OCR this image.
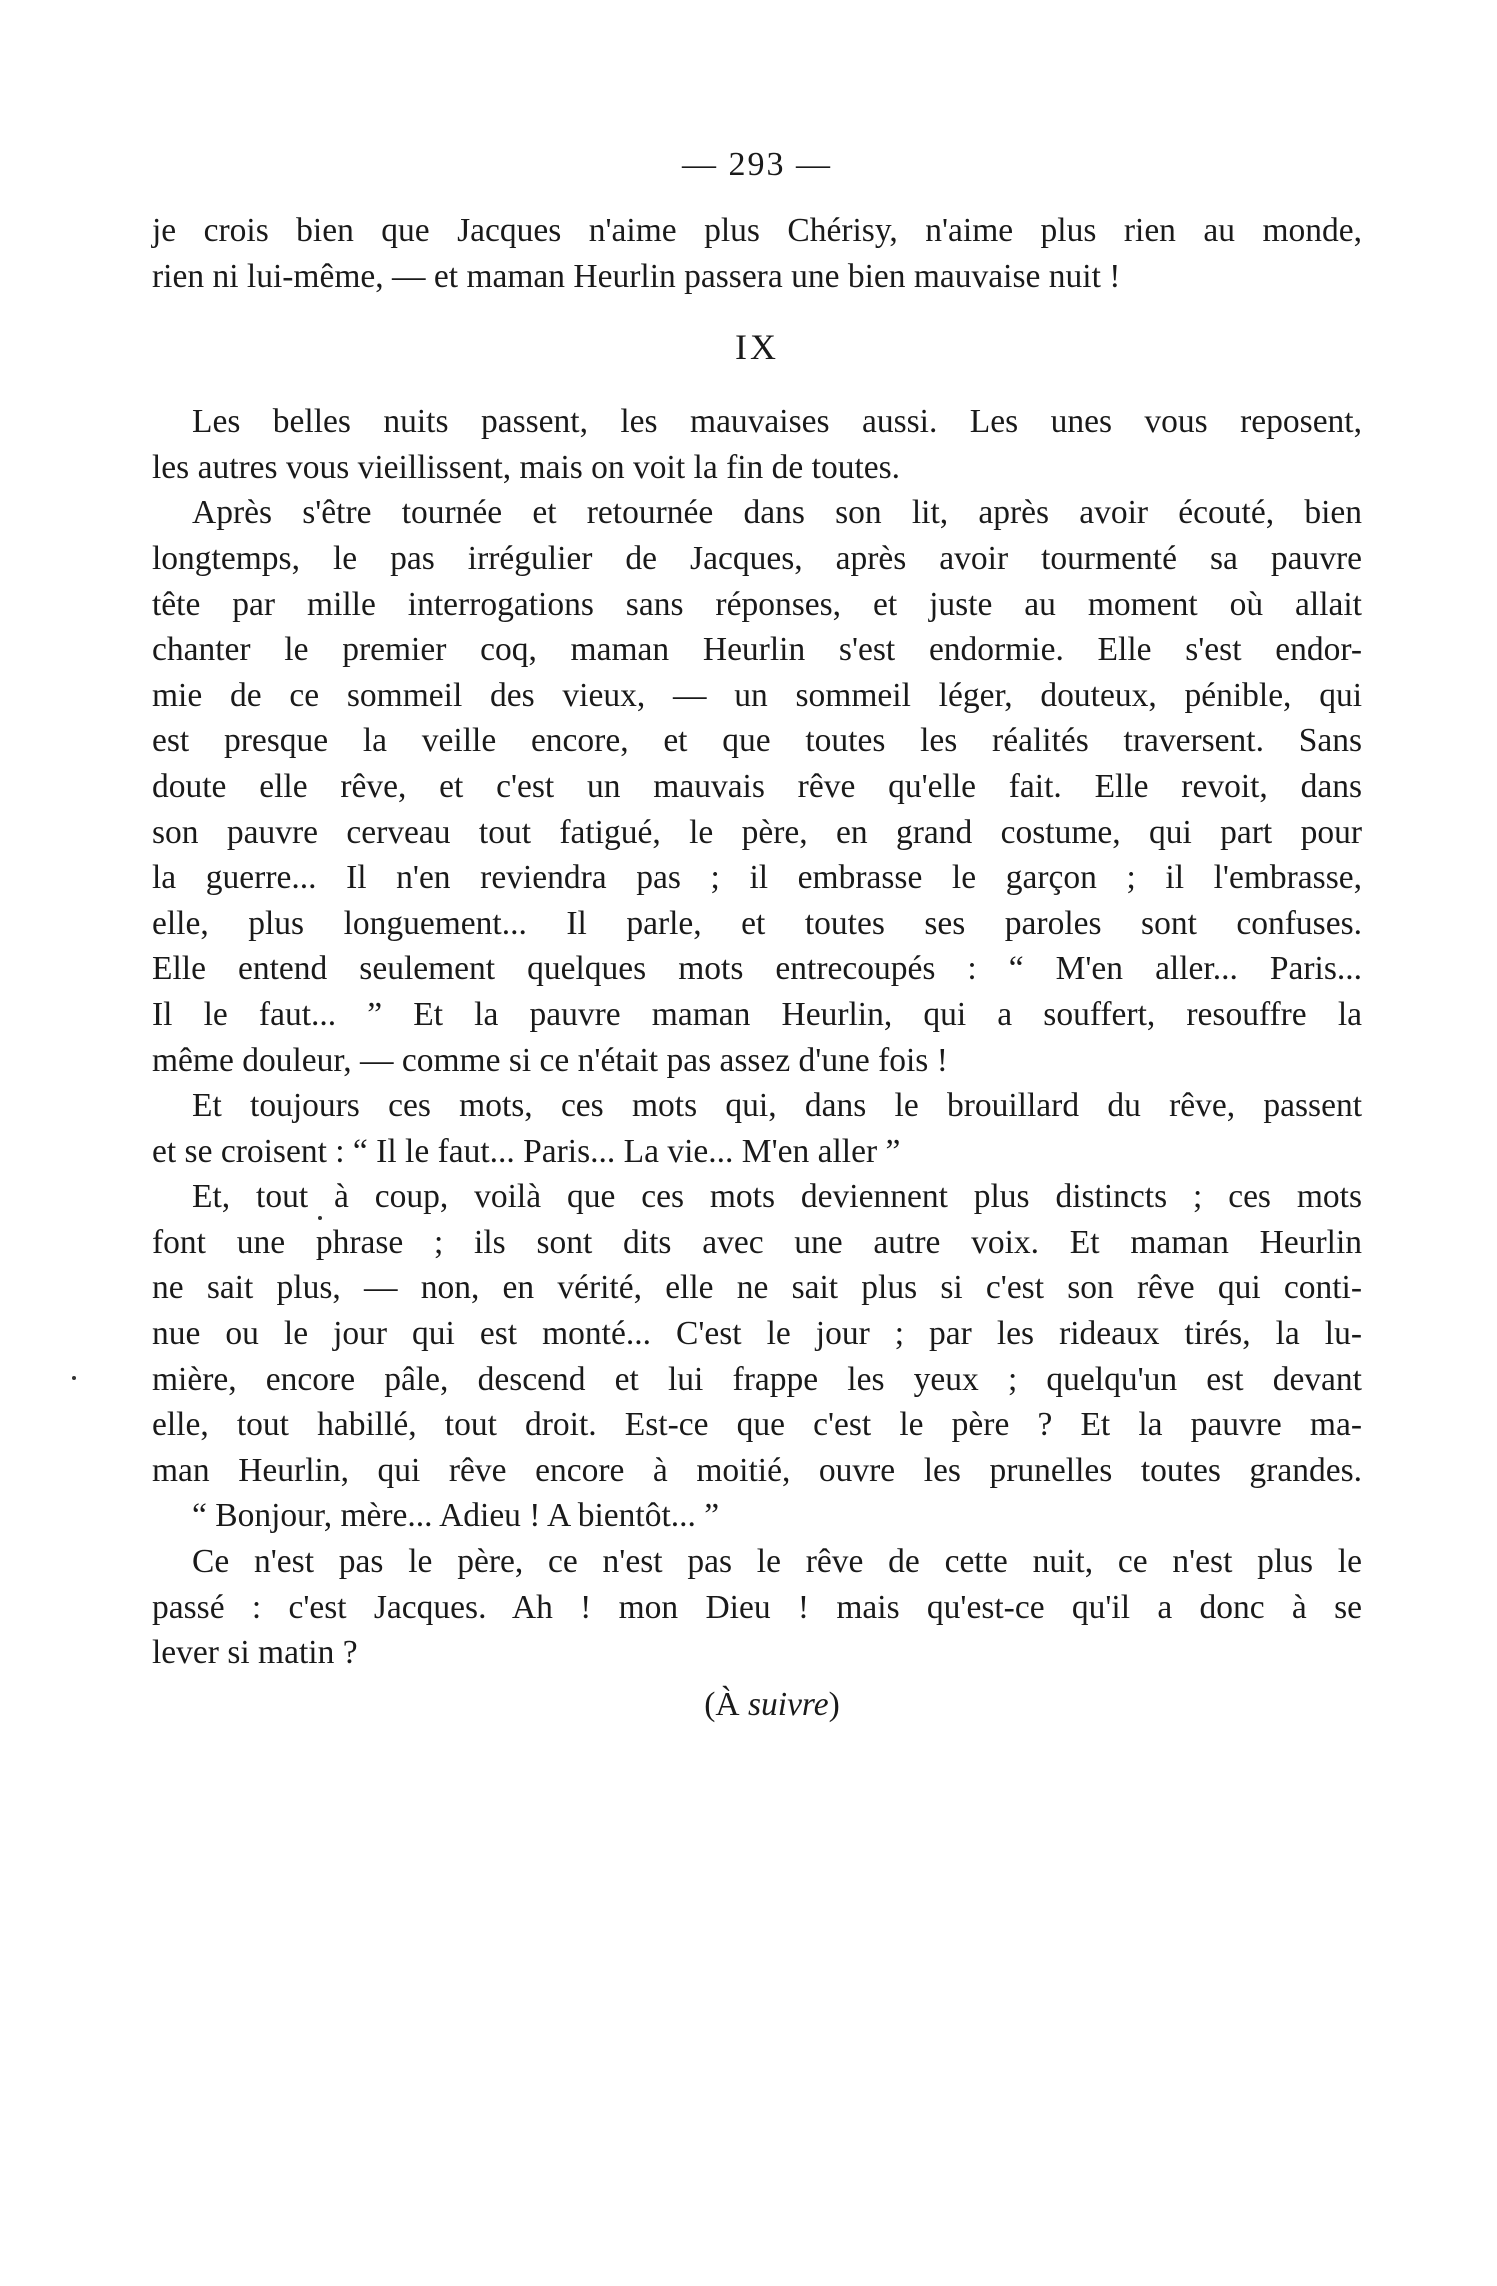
— 293 —
je crois bien que Jacques n'aime plus Chérisy, n'aime plus rien au monde,
rien ni lui-même, — et maman Heurlin passera une bien mauvaise nuit !
IX
Les belles nuits passent, les mauvaises aussi. Les unes vous reposent,
les autres vous vieillissent, mais on voit la fin de toutes.
Après s'être tournée et retournée dans son lit, après avoir écouté, bien
longtemps, le pas irrégulier de Jacques, après avoir tourmenté sa pauvre
tête par mille interrogations sans réponses, et juste au moment où allait
chanter le premier coq, maman Heurlin s'est endormie. Elle s'est endor-
mie de ce sommeil des vieux, — un sommeil léger, douteux, pénible, qui
est presque la veille encore, et que toutes les réalités traversent. Sans
doute elle rêve, et c'est un mauvais rêve qu'elle fait. Elle revoit, dans
son pauvre cerveau tout fatigué, le père, en grand costume, qui part pour
la guerre... Il n'en reviendra pas ; il embrasse le garçon ; il l'embrasse,
elle, plus longuement... Il parle, et toutes ses paroles sont confuses.
Elle entend seulement quelques mots entrecoupés : “ M'en aller... Paris...
Il le faut... ” Et la pauvre maman Heurlin, qui a souffert, resouffre la
même douleur, — comme si ce n'était pas assez d'une fois !
Et toujours ces mots, ces mots qui, dans le brouillard du rêve, passent
et se croisent : “ Il le faut... Paris... La vie... M'en aller ”
Et, tout à coup, voilà que ces mots deviennent plus distincts ; ces mots
font une phrase ; ils sont dits avec une autre voix. Et maman Heurlin
ne sait plus, — non, en vérité, elle ne sait plus si c'est son rêve qui conti-
nue ou le jour qui est monté... C'est le jour ; par les rideaux tirés, la lu-
mière, encore pâle, descend et lui frappe les yeux ; quelqu'un est devant
elle, tout habillé, tout droit. Est-ce que c'est le père ? Et la pauvre ma-
man Heurlin, qui rêve encore à moitié, ouvre les prunelles toutes grandes.
“ Bonjour, mère... Adieu ! A bientôt... ”
Ce n'est pas le père, ce n'est pas le rêve de cette nuit, ce n'est plus le
passé : c'est Jacques. Ah ! mon Dieu ! mais qu'est-ce qu'il a donc à se
lever si matin ?
(À suivre)
